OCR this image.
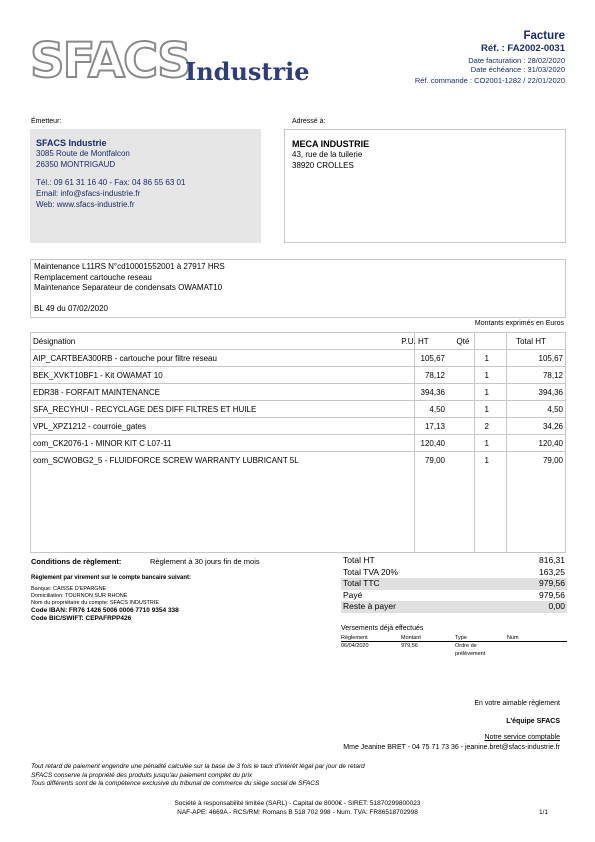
SFACS
Industrie
Facture
Réf. : FA2002-0031
Date facturation : 28/02/2020
Date échéance : 31/03/2020
Réf. commande : CO2001-1282 / 22/01/2020
Émetteur:	Adressé à:
SFACS Industrie
3085 Route de Montfalcon
26350 MONTRIGAUD
Tél.: 09 61 31 16 40 - Fax: 04 86 55 63 01
Email: info@sfacs-industrie.fr
Web: www.sfacs-industrie.fr
MECA INDUSTRIE
43, rue de la tuilerie
38920 CROLLES
Maintenance L11RS N°cd10001552001 à 27917 HRS
Remplacement cartouche reseau
Maintenance Separateur de condensats OWAMAT10
BL 49 du 07/02/2020
Montants exprimés en Euros
Désignation	P.U. HT	Qté	Total HT
AIP_CARTBEA300RB - cartouche pour filtre reseau	105,67	1	105,67
BEK_XVKT10BF1 - Kit OWAMAT 10	78,12	1	78,12
EDR38 - FORFAIT MAINTENANCE	394,36	1	394,36
SFA_RECYHUI - RECYCLAGE DES DIFF FILTRES ET HUILE	4,50	1	4,50
VPL_XPZ1212 - courroie_gates	17,13	2	34,26
com_CK2076-1 - MINOR KIT C L07-11	120,40	1	120,40
com_SCWOBG2_5 - FLUIDFORCE SCREW WARRANTY LUBRICANT 5L	79,00	1	79,00
Conditions de règlement:	Règlement à 30 jours fin de mois
Règlement par virement sur le compte bancaire suivant:
Banque: CAISSE D'EPARGNE
Domiciliation: TOURNON SUR RHONE
Nom du propriétaire du compte: SFACS INDUSTRIE
Code IBAN: FR76 1426 5006 0006 7710 9354 338
Code BIC/SWIFT: CEPAFRPP426
Total HT	816,31
Total TVA 20%	163,25
Total TTC	979,56
Payé	979,56
Reste à payer	0,00
Versements déjà effectués
Règlement	Montant	Type	Num
06/04/2020	979,56	Ordre de
prélèvement
En votre aimable règlement
L'équipe SFACS
Notre service comptable
Mme Jeanine BRET - 04 75 71 73 36 - jeanine.bret@sfacs-industrie.fr
Tout retard de paiement engendre une pénalité calculée sur la base de 3 fois le taux d'intérêt légal par jour de retard
SFACS conserve la propriété des produits jusqu'au paiement complet du prix
Tous différents sont de la compétence exclusive du tribunal de commerce du siège social de SFACS
Société à responsabilité limitée (SARL) - Capital de 8000€ - SIRET: 51870299800023
NAF-APE: 4669A - RCS/RM: Romans B 518 702 998 - Num. TVA: FR86518702998	1/1
